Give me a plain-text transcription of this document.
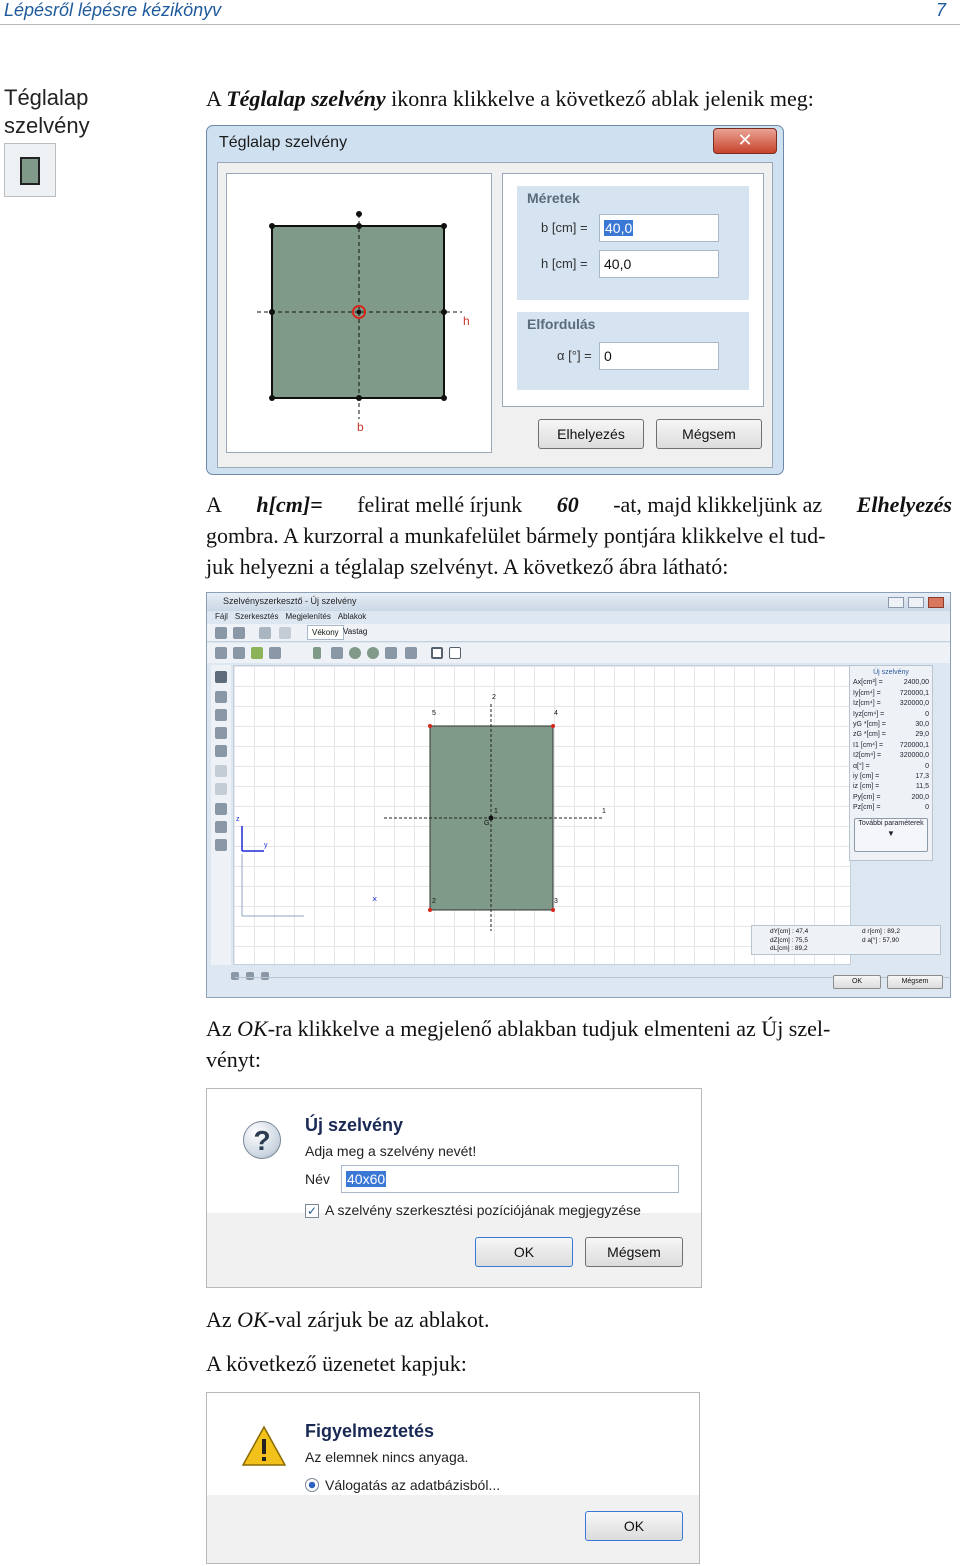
Lépésről lépésre kézikönyv	7
Téglalap
szelvény
A Téglalap szelvény ikonra klikkelve a következő ablak jelenik meg:
Téglalap szelvény	✕
h
b
Méretek
b [cm] =	40,0
h [cm] =	40,0
Elfordulás
α [°] = 0
Elhelyezés	Mégsem
A h[cm]= felirat mellé írjunk 60 -at, majd klikkeljünk az Elhelyezés
gombra. A kurzorral a munkafelület bármely pontjára klikkelve el tud-
juk helyezni a téglalap szelvényt. A következő ábra látható:
Szelvényszerkesztő - Új szelvény

Fájl Szerkesztés Megjelenítés Ablakok
Vékony Vastag
×
5	4
2
2	3
1
1
G
z
y
Új szelvény
Ax[cm²] =	2400,00
Iy[cm⁴] =	720000,1
Iz[cm⁴] =	320000,0
Iyz[cm⁴] =	0
yG *[cm] =	30,0
zG *[cm] =	29,0
I1 [cm⁴] = 720000,1
I2[cm⁴] =	320000,0
α[°] =	0
iy [cm] =	17,3
iz [cm] =	11,5
Py[cm] =	200,0
Pz[cm] =	0
További paraméterek
▼
dY[cm] : 47,4
dZ[cm] : 75,5
dL[cm] : 89,2
d r[cm] : 89,2
d a[°] : 57,90

OK	Mégsem
Az OK -ra klikkelve a megjelenő ablakban tudjuk elmenteni az Új szel-
vényt:
?	Új szelvény
Adja meg a szelvény nevét!
Név	40x60
✓ A szelvény szerkesztési pozíciójának megjegyzése
OK	Mégsem
Az OK-val zárjuk be az ablakot.
A következő üzenetet kapjuk:
Figyelmeztetés
Az elemnek nincs anyaga.
Válogatás az adatbázisból...
OK
